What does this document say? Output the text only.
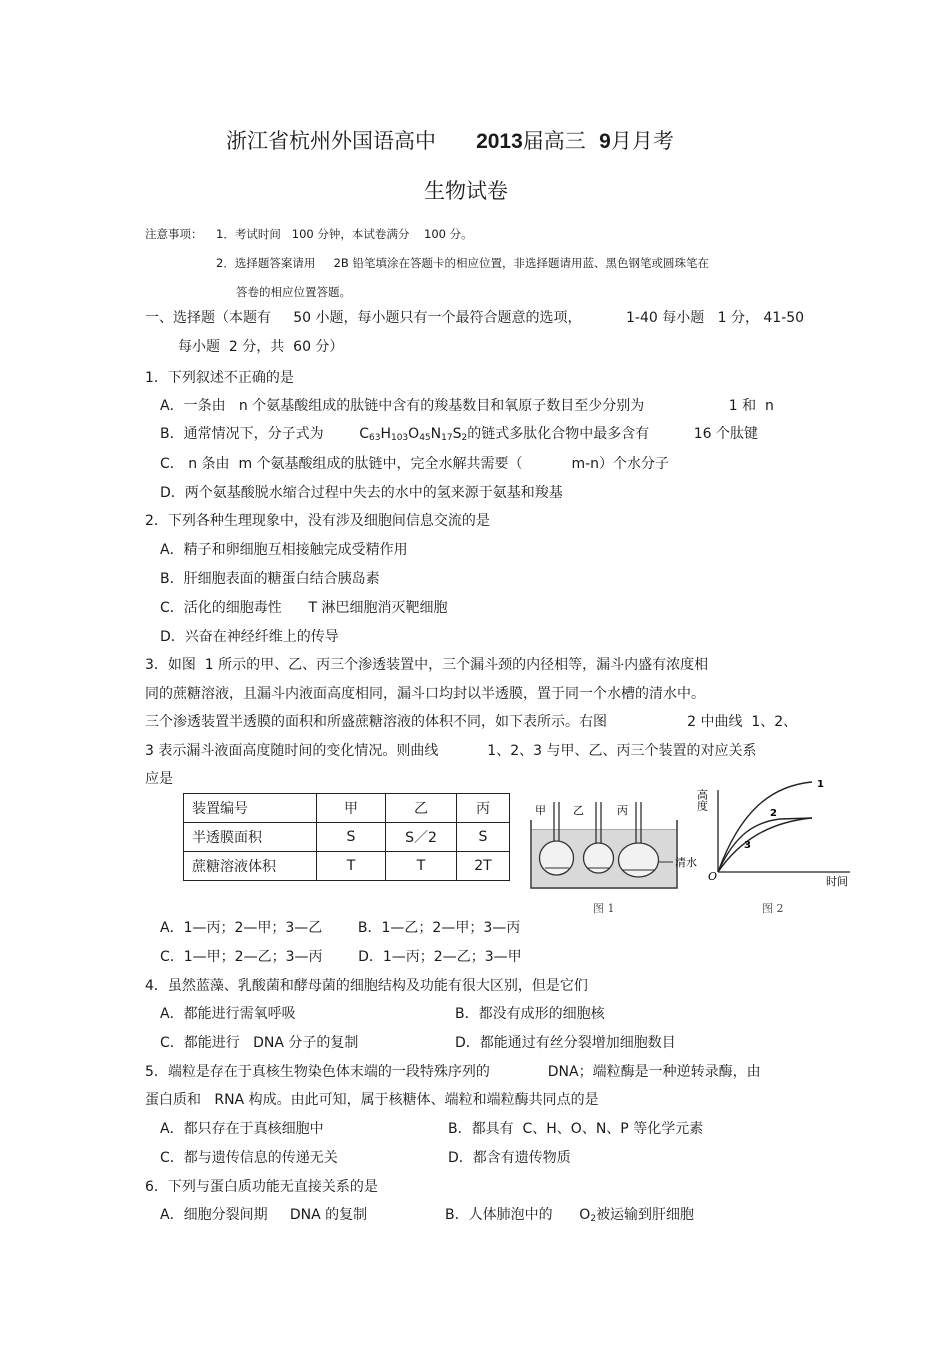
浙江省杭州外国语高中 2013届高三 9月月考
生物试卷
注意事项： 1．考试时间   100 分钟，本试卷满分    100 分。
2．选择题答案请用     2B 铅笔填涂在答题卡的相应位置，非选择题请用蓝、黑色钢笔或圆珠笔在
答卷的相应位置答题。
一、选择题（本题有     50 小题，每小题只有一个最符合题意的选项，          1-40 每小题   1 分， 41-50
每小题  2 分，共  60 分）
1．下列叙述不正确的是
A．一条由   n 个氨基酸组成的肽链中含有的羧基数目和氧原子数目至少分别为                   1 和  n
B．通常情况下，分子式为        $C_{63}H_{103}O_{45}N_{17}S_2$的链式多肽化合物中最多含有          16 个肽键
C． n 条由  m 个氨基酸组成的肽链中，完全水解共需要（           m-n）个水分子
D．两个氨基酸脱水缩合过程中失去的水中的氢来源于氨基和羧基
2．下列各种生理现象中，没有涉及细胞间信息交流的是
A．精子和卵细胞互相接触完成受精作用
B．肝细胞表面的糖蛋白结合胰岛素
C．活化的细胞毒性      T 淋巴细胞消灭靶细胞
D．兴奋在神经纤维上的传导
3．如图  1 所示的甲、乙、丙三个渗透装置中，三个漏斗颈的内径相等，漏斗内盛有浓度相
同的蔗糖溶液，且漏斗内液面高度相同，漏斗口均封以半透膜，置于同一个水槽的清水中。
三个渗透装置半透膜的面积和所盛蔗糖溶液的体积不同，如下表所示。右图                  2 中曲线  1、2、
3 表示漏斗液面高度随时间的变化情况。则曲线           1、2、3 与甲、乙、丙三个装置的对应关系
应是
装置编号	甲	乙	丙
半透膜面积	S	S／2	S
蔗糖溶液体积	T	T	2T
甲 乙	丙
清水
图 1
高度
时间
O
1
2
3
图 2
A．1—丙；2—甲；3—乙        B．1—乙；2—甲；3—丙
C．1—甲；2—乙；3—丙        D．1—丙；2—乙；3—甲
4．虽然蓝藻、乳酸菌和酵母菌的细胞结构及功能有很大区别，但是它们
A．都能进行需氧呼吸	B．都没有成形的细胞核
C．都能进行   DNA 分子的复制	D．都能通过有丝分裂增加细胞数目
5．端粒是存在于真核生物染色体末端的一段特殊序列的             DNA；端粒酶是一种逆转录酶，由
蛋白质和   RNA 构成。由此可知，属于核糖体、端粒和端粒酶共同点的是
A．都只存在于真核细胞中	B．都具有  C、H、O、N、P 等化学元素
C．都与遗传信息的传递无关	D．都含有遗传物质
6．下列与蛋白质功能无直接关系的是
A．细胞分裂间期     DNA 的复制	B．人体肺泡中的      $O_2$被运输到肝细胞
